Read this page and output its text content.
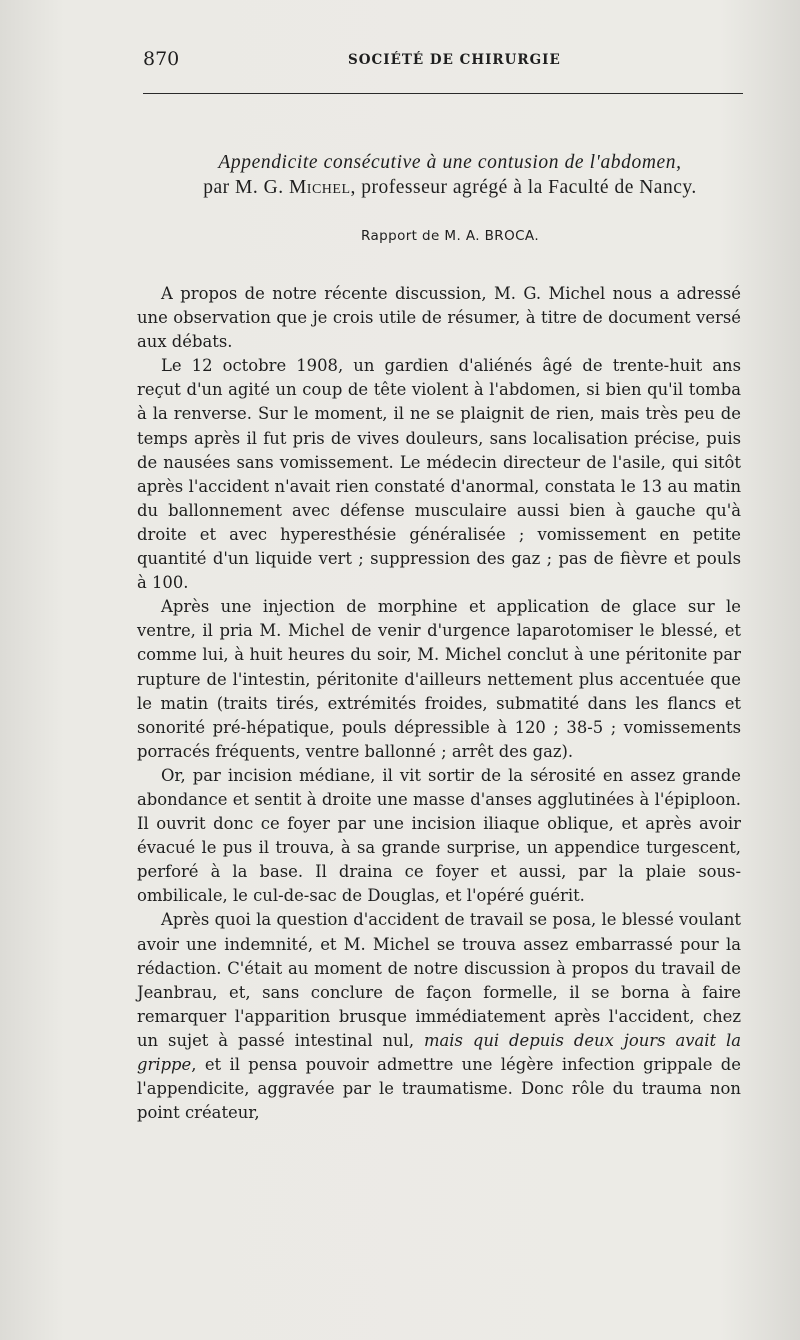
870	SOCIÉTÉ DE CHIRURGIE
Appendicite consécutive à une contusion de l'abdomen,
par M. G. Michel, professeur agrégé à la Faculté de Nancy.
Rapport de M. A. BROCA.

A propos de notre récente discussion, M. G. Michel nous a adressé une observation que je crois utile de résumer, à titre de document versé aux débats.

Le 12 octobre 1908, un gardien d'aliénés âgé de trente-huit ans reçut d'un agité un coup de tête violent à l'abdomen, si bien qu'il tomba à la renverse. Sur le moment, il ne se plaignit de rien, mais très peu de temps après il fut pris de vives douleurs, sans localisation précise, puis de nausées sans vomissement. Le médecin directeur de l'asile, qui sitôt après l'accident n'avait rien constaté d'anormal, constata le 13 au matin du ballonnement avec défense musculaire aussi bien à gauche qu'à droite et avec hyperesthésie généralisée ; vomissement en petite quantité d'un liquide vert ; suppression des gaz ; pas de fièvre et pouls à 100.

Après une injection de morphine et application de glace sur le ventre, il pria M. Michel de venir d'urgence laparotomiser le blessé, et comme lui, à huit heures du soir, M. Michel conclut à une péritonite par rupture de l'intestin, péritonite d'ailleurs nettement plus accentuée que le matin (traits tirés, extrémités froides, submatité dans les flancs et sonorité pré-hépatique, pouls dépressible à 120 ; 38-5 ; vomissements porracés fréquents, ventre ballonné ; arrêt des gaz).

Or, par incision médiane, il vit sortir de la sérosité en assez grande abondance et sentit à droite une masse d'anses agglutinées à l'épiploon. Il ouvrit donc ce foyer par une incision iliaque oblique, et après avoir évacué le pus il trouva, à sa grande surprise, un appendice turgescent, perforé à la base. Il draina ce foyer et aussi, par la plaie sous-ombilicale, le cul-de-sac de Douglas, et l'opéré guérit.

Après quoi la question d'accident de travail se posa, le blessé voulant avoir une indemnité, et M. Michel se trouva assez embarrassé pour la rédaction. C'était au moment de notre discussion à propos du travail de Jeanbrau, et, sans conclure de façon formelle, il se borna à faire remarquer l'apparition brusque immédiatement après l'accident, chez un sujet à passé intestinal nul, mais qui depuis deux jours avait la grippe, et il pensa pouvoir admettre une légère infection grippale de l'appendicite, aggravée par le traumatisme. Donc rôle du trauma non point créateur,
